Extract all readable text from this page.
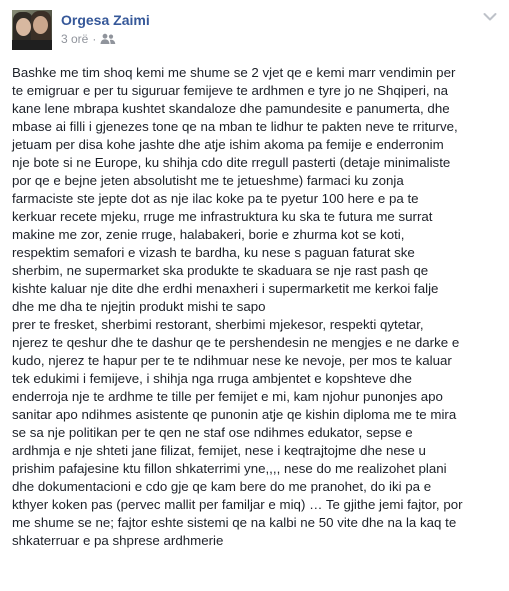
Orgesa Zaimi
3 orë ·
Bashke me tim shoq kemi me shume se 2 vjet qe e kemi marr vendimin per
te emigruar e per tu siguruar femijeve te ardhmen e tyre jo ne Shqiperi, na
kane lene mbrapa kushtet skandaloze dhe pamundesite e panumerta, dhe
mbase ai filli i gjenezes tone qe na mban te lidhur te pakten neve te rriturve,
jetuam per disa kohe jashte dhe atje ishim akoma pa femije e enderronim
nje bote si ne Europe, ku shihja cdo dite rregull pasterti (detaje minimaliste
por qe e bejne jeten absolutisht me te jetueshme) farmaci ku zonja
farmaciste ste jepte dot as nje ilac koke pa te pyetur 100 here e pa te
kerkuar recete mjeku, rruge me infrastruktura ku ska te futura me surrat
makine me zor, zenie rruge, halabakeri, borie e zhurma kot se koti,
respektim semafori e vizash te bardha, ku nese s paguan faturat ske
sherbim, ne supermarket ska produkte te skaduara se nje rast pash qe
kishte kaluar nje dite dhe erdhi menaxheri i supermarketit me kerkoi falje
dhe me dha te njejtin produkt mishi te sapo
prer te fresket, sherbimi restorant, sherbimi mjekesor, respekti qytetar,
njerez te qeshur dhe te dashur qe te pershendesin ne mengjes e ne darke e
kudo, njerez te hapur per te te ndihmuar nese ke nevoje, per mos te kaluar
tek edukimi i femijeve, i shihja nga rruga ambjentet e kopshteve dhe
enderroja nje te ardhme te tille per femijet e mi, kam njohur punonjes apo
sanitar apo ndihmes asistente qe punonin atje qe kishin diploma me te mira
se sa nje politikan per te qen ne staf ose ndihmes edukator, sepse e
ardhmja e nje shteti jane filizat, femijet, nese i keqtrajtojme dhe nese u
prishim pafajesine ktu fillon shkaterrimi yne,,,, nese do me realizohet plani
dhe dokumentacioni e cdo gje qe kam bere do me pranohet, do iki pa e
kthyer koken pas (pervec mallit per familjar e miq) … Te gjithe jemi fajtor, por
me shume se ne; fajtor eshte sistemi qe na kalbi ne 50 vite dhe na la kaq te
shkaterruar e pa shprese ardhmerie
